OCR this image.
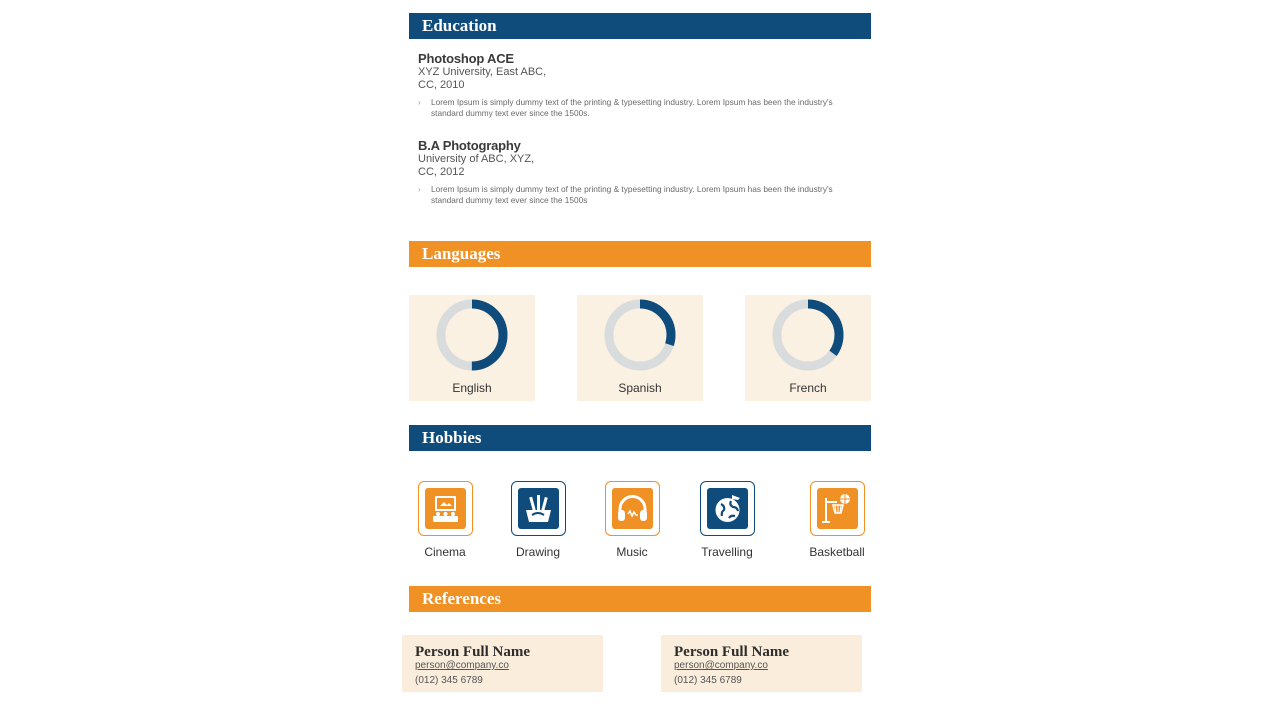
Education
Photoshop ACE
XYZ University, East ABC,
CC, 2010
› Lorem Ipsum is simply dummy text of the printing & typesetting industry. Lorem Ipsum has been the industry's standard dummy text ever since the 1500s.
B.A Photography
University of ABC, XYZ,
CC, 2012
› Lorem Ipsum is simply dummy text of the printing & typesetting industry. Lorem Ipsum has been the industry's standard dummy text ever since the 1500s
Languages
English	Spanish	French
Hobbies
Cinema	Drawing	Music	Travelling	Basketball
References
Person Full Name
person@company.co
(012) 345 6789
Person Full Name
person@company.co
(012) 345 6789
